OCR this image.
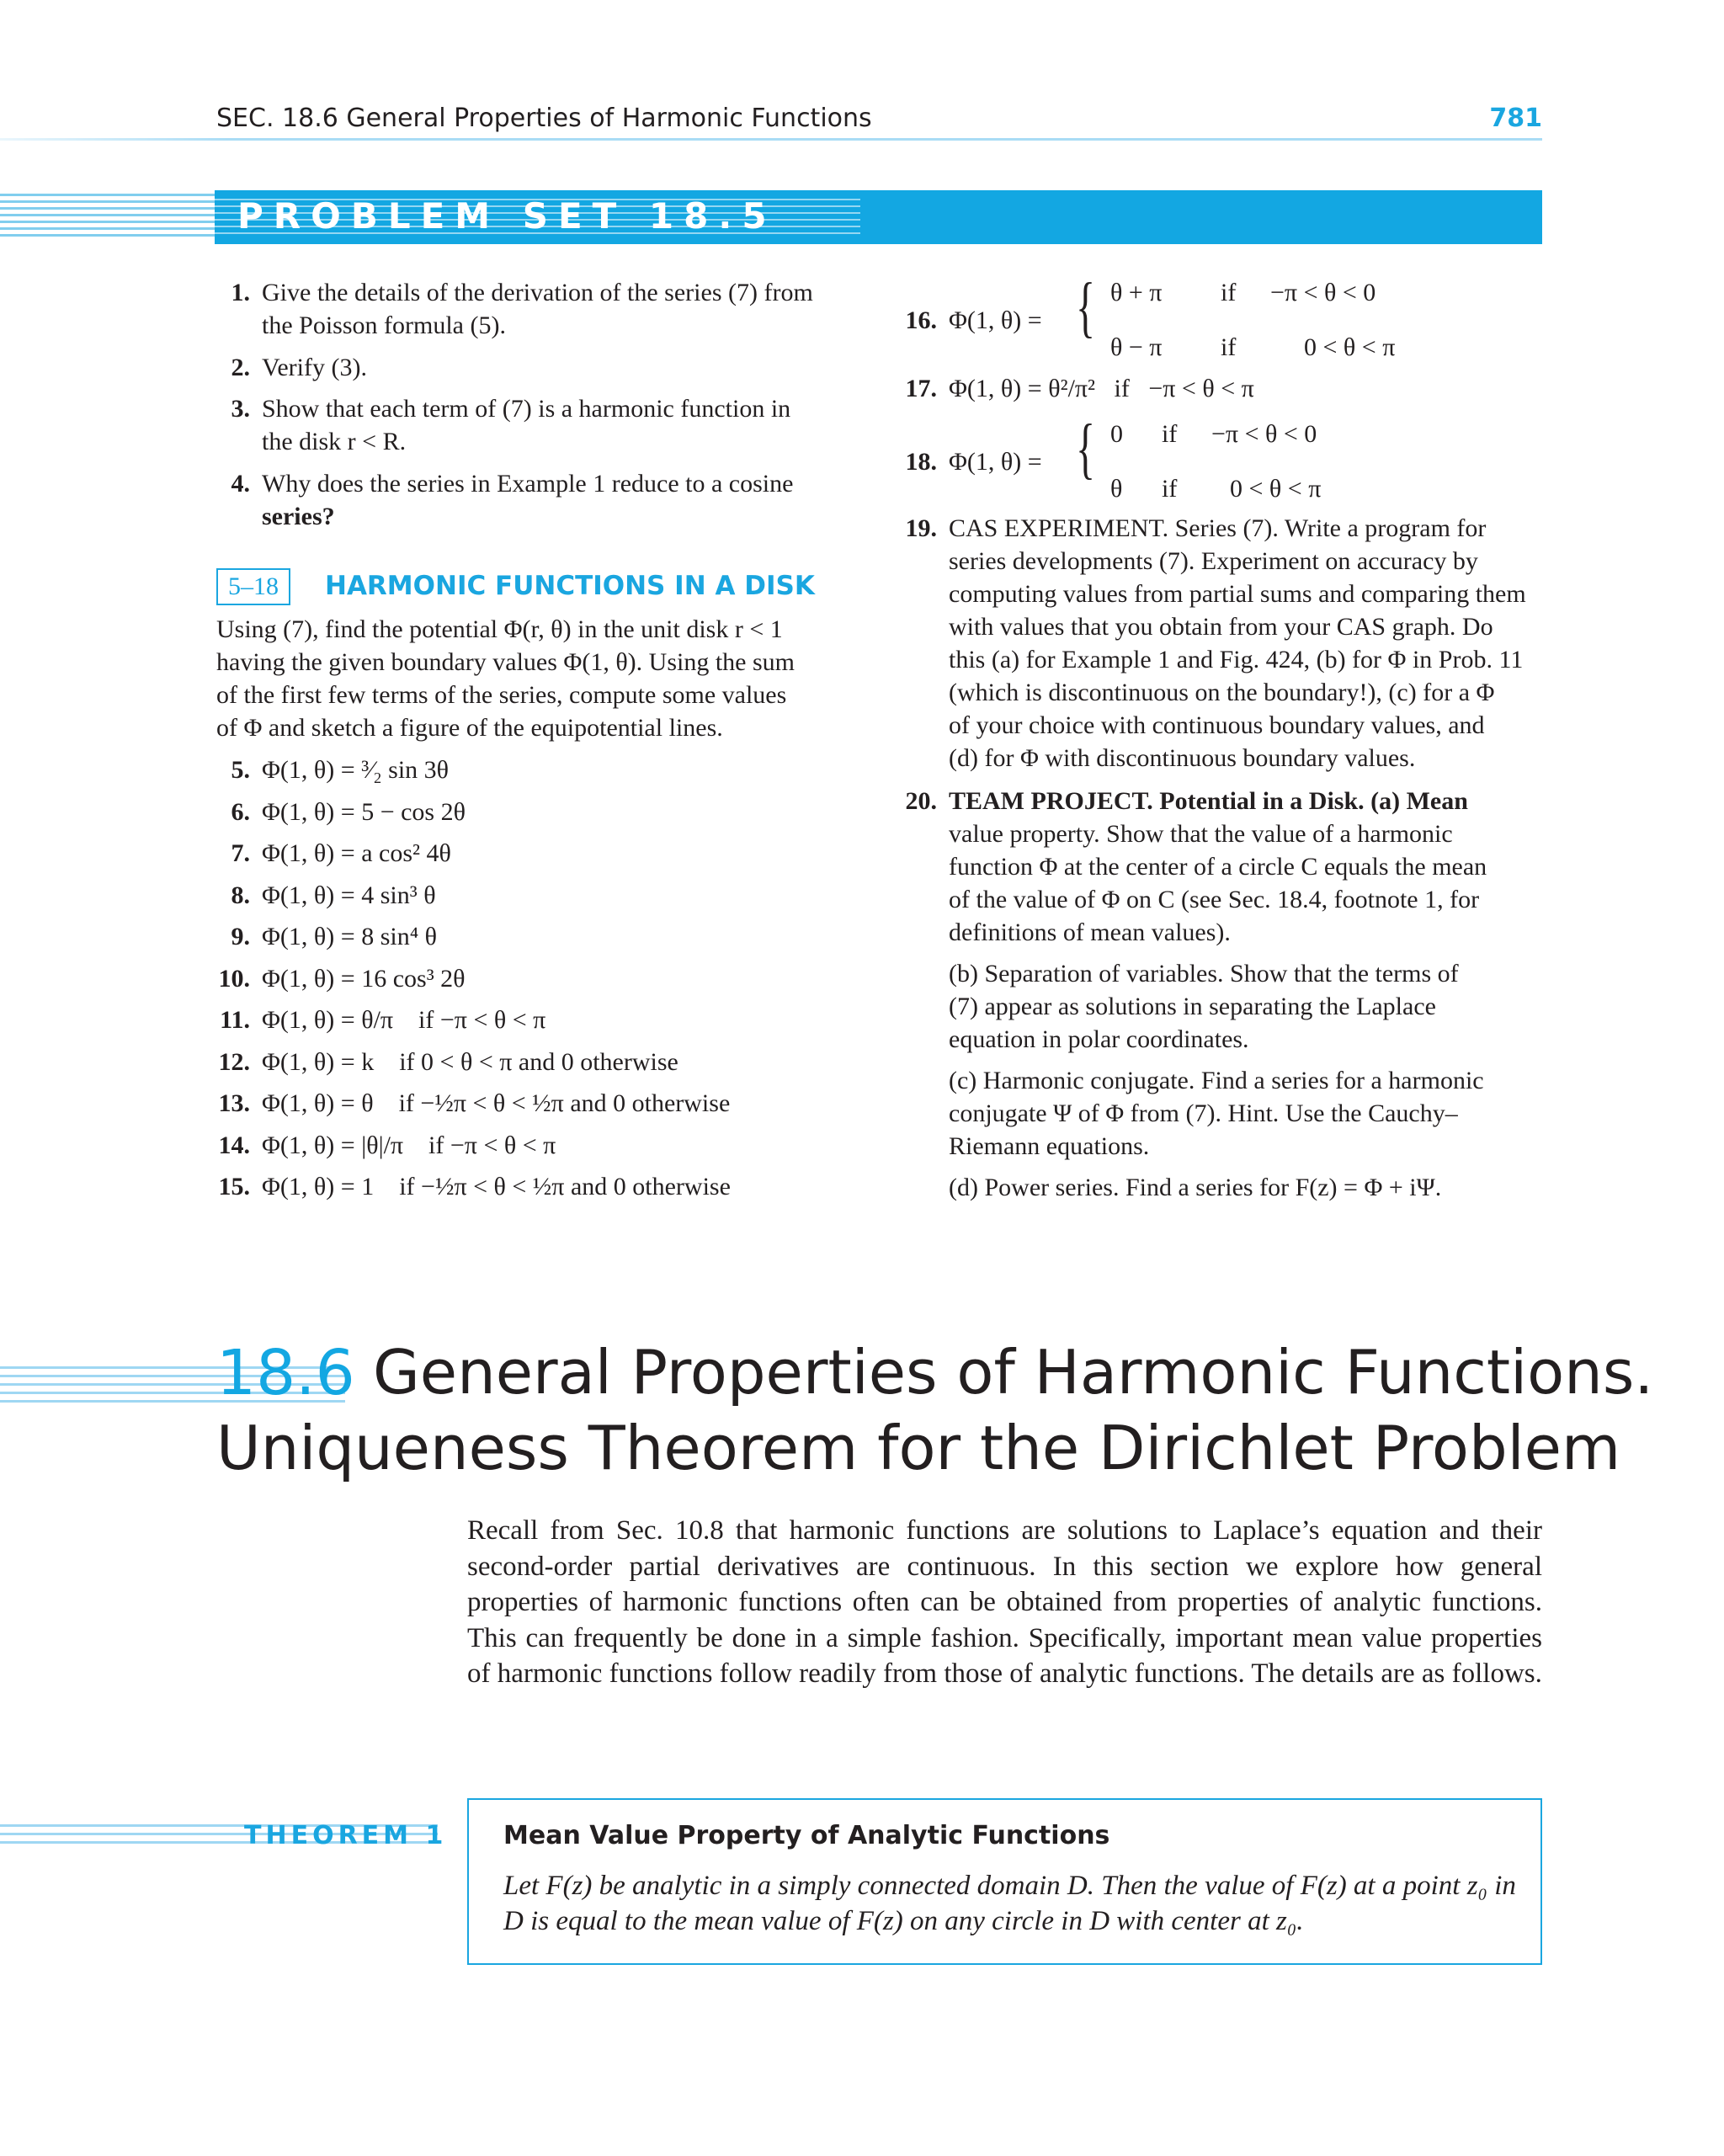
SEC. 18.6 General Properties of Harmonic Functions	781
PROBLEM SET 18.5
1. Give the details of the derivation of the series (7) from
the Poisson formula (5).
2. Verify (3).
3. Show that each term of (7) is a harmonic function in
the disk r < R.
4. Why does the series in Example 1 reduce to a cosine
series?
5–18	HARMONIC FUNCTIONS IN A DISK
Using (7), find the potential Φ(r, θ) in the unit disk r < 1
having the given boundary values Φ(1, θ). Using the sum
of the first few terms of the series, compute some values
of Φ and sketch a figure of the equipotential lines.
5. Φ(1, θ) = ³⁄₂ sin 3θ
6. Φ(1, θ) = 5 − cos 2θ
7. Φ(1, θ) = a cos² 4θ
8. Φ(1, θ) = 4 sin³ θ
9. Φ(1, θ) = 8 sin⁴ θ
10. Φ(1, θ) = 16 cos³ 2θ
11. Φ(1, θ) = θ/π    if −π < θ < π
12. Φ(1, θ) = k    if 0 < θ < π and 0 otherwise
13. Φ(1, θ) = θ    if −½π < θ < ½π and 0 otherwise
14. Φ(1, θ) = |θ|/π    if −π < θ < π
15. Φ(1, θ) = 1    if −½π < θ < ½π and 0 otherwise
16. Φ(1, θ) = { θ + π if −π < θ < 0
θ − π if	0 < θ < π
17. Φ(1, θ) = θ²/π²   if   −π < θ < π
18. Φ(1, θ) = { 0 if −π < θ < 0
θ if 0 < θ < π
19. CAS EXPERIMENT. Series (7). Write a program for
series developments (7). Experiment on accuracy by
computing values from partial sums and comparing them
with values that you obtain from your CAS graph. Do
this (a) for Example 1 and Fig. 424, (b) for Φ in Prob. 11
(which is discontinuous on the boundary!), (c) for a Φ
of your choice with continuous boundary values, and
(d) for Φ with discontinuous boundary values.
20. TEAM PROJECT. Potential in a Disk. (a) Mean
value property. Show that the value of a harmonic
function Φ at the center of a circle C equals the mean
of the value of Φ on C (see Sec. 18.4, footnote 1, for
definitions of mean values).
(b) Separation of variables. Show that the terms of
(7) appear as solutions in separating the Laplace
equation in polar coordinates.
(c) Harmonic conjugate. Find a series for a harmonic
conjugate Ψ of Φ from (7). Hint. Use the Cauchy–
Riemann equations.
(d) Power series. Find a series for F(z) = Φ + iΨ.
18.6 General Properties of Harmonic Functions.
Uniqueness Theorem for the Dirichlet Problem
Recall from Sec. 10.8 that harmonic functions are solutions to Laplace’s equation and their second-order partial derivatives are continuous. In this section we explore how general properties of harmonic functions often can be obtained from properties of analytic functions. This can frequently be done in a simple fashion. Specifically, important mean value properties of harmonic functions follow readily from those of analytic functions. The details are as follows.
THEOREM 1 Mean Value Property of Analytic Functions
Let F(z) be analytic in a simply connected domain D. Then the value of F(z) at a point z₀ in D is equal to the mean value of F(z) on any circle in D with center at z₀.
